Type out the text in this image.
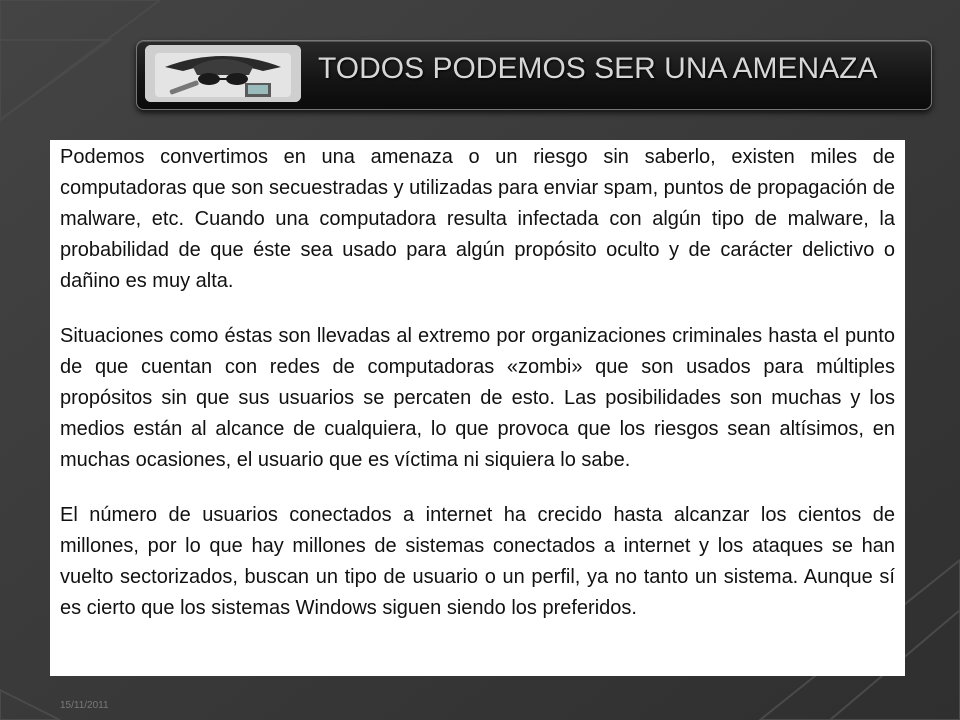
TODOS PODEMOS SER UNA AMENAZA

Podemos convertimos en una amenaza o un riesgo sin saberlo, existen miles de computadoras que son secuestradas y utilizadas para enviar spam, puntos de propagación de malware, etc. Cuando una computadora resulta infectada con algún tipo de malware, la probabilidad de que éste sea usado para algún propósito oculto y de carácter delictivo o dañino es muy alta.

Situaciones como éstas son llevadas al extremo por organizaciones criminales hasta el punto de que cuentan con redes de computadoras «zombi» que son usados para múltiples propósitos sin que sus usuarios se percaten de esto. Las posibilidades son muchas y los medios están al alcance de cualquiera, lo que provoca que los riesgos sean altísimos, en muchas ocasiones, el usuario que es víctima ni siquiera lo sabe.

El número de usuarios conectados a internet ha crecido hasta alcanzar los cientos de millones, por lo que hay millones de sistemas conectados a internet y los ataques se han vuelto sectorizados, buscan un tipo de usuario o un perfil, ya no tanto un sistema. Aunque sí es cierto que los sistemas Windows siguen siendo los preferidos.

15/11/2011
